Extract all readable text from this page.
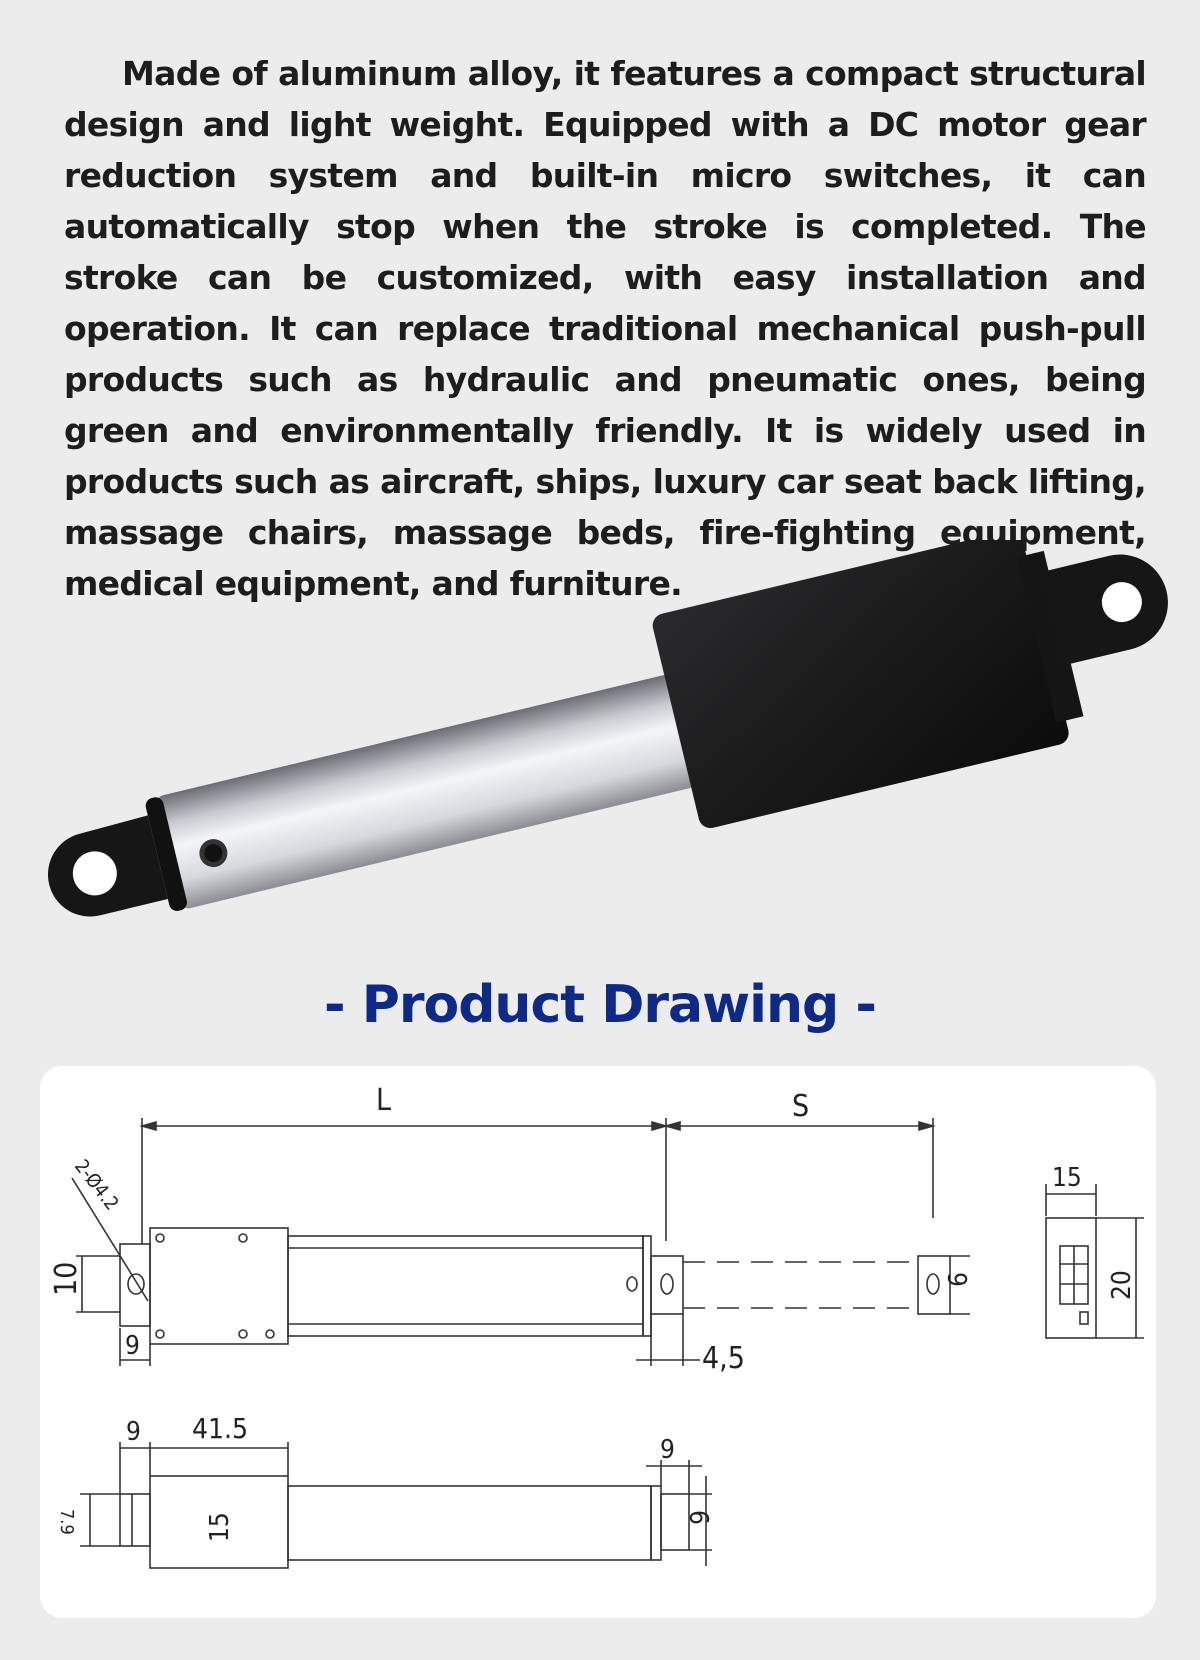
Made of aluminum alloy, it features a compact structural design and light weight. Equipped with a DC motor gear reduction system and built-in micro switches, it can automatically stop when the stroke is completed. The stroke can be customized, with easy installation and operation. It can replace traditional mechanical push-pull products such as hydraulic and pneumatic ones, being green and environmentally friendly. It is widely used in products such as aircraft, ships, luxury car seat back lifting, massage chairs, massage beds, fire-fighting equipment, medical equipment, and furniture.

- Product Drawing -
L	S
2-Ø4.2
10
9	4,5
9
15
20
9 41.5
9
7.9	15	6
